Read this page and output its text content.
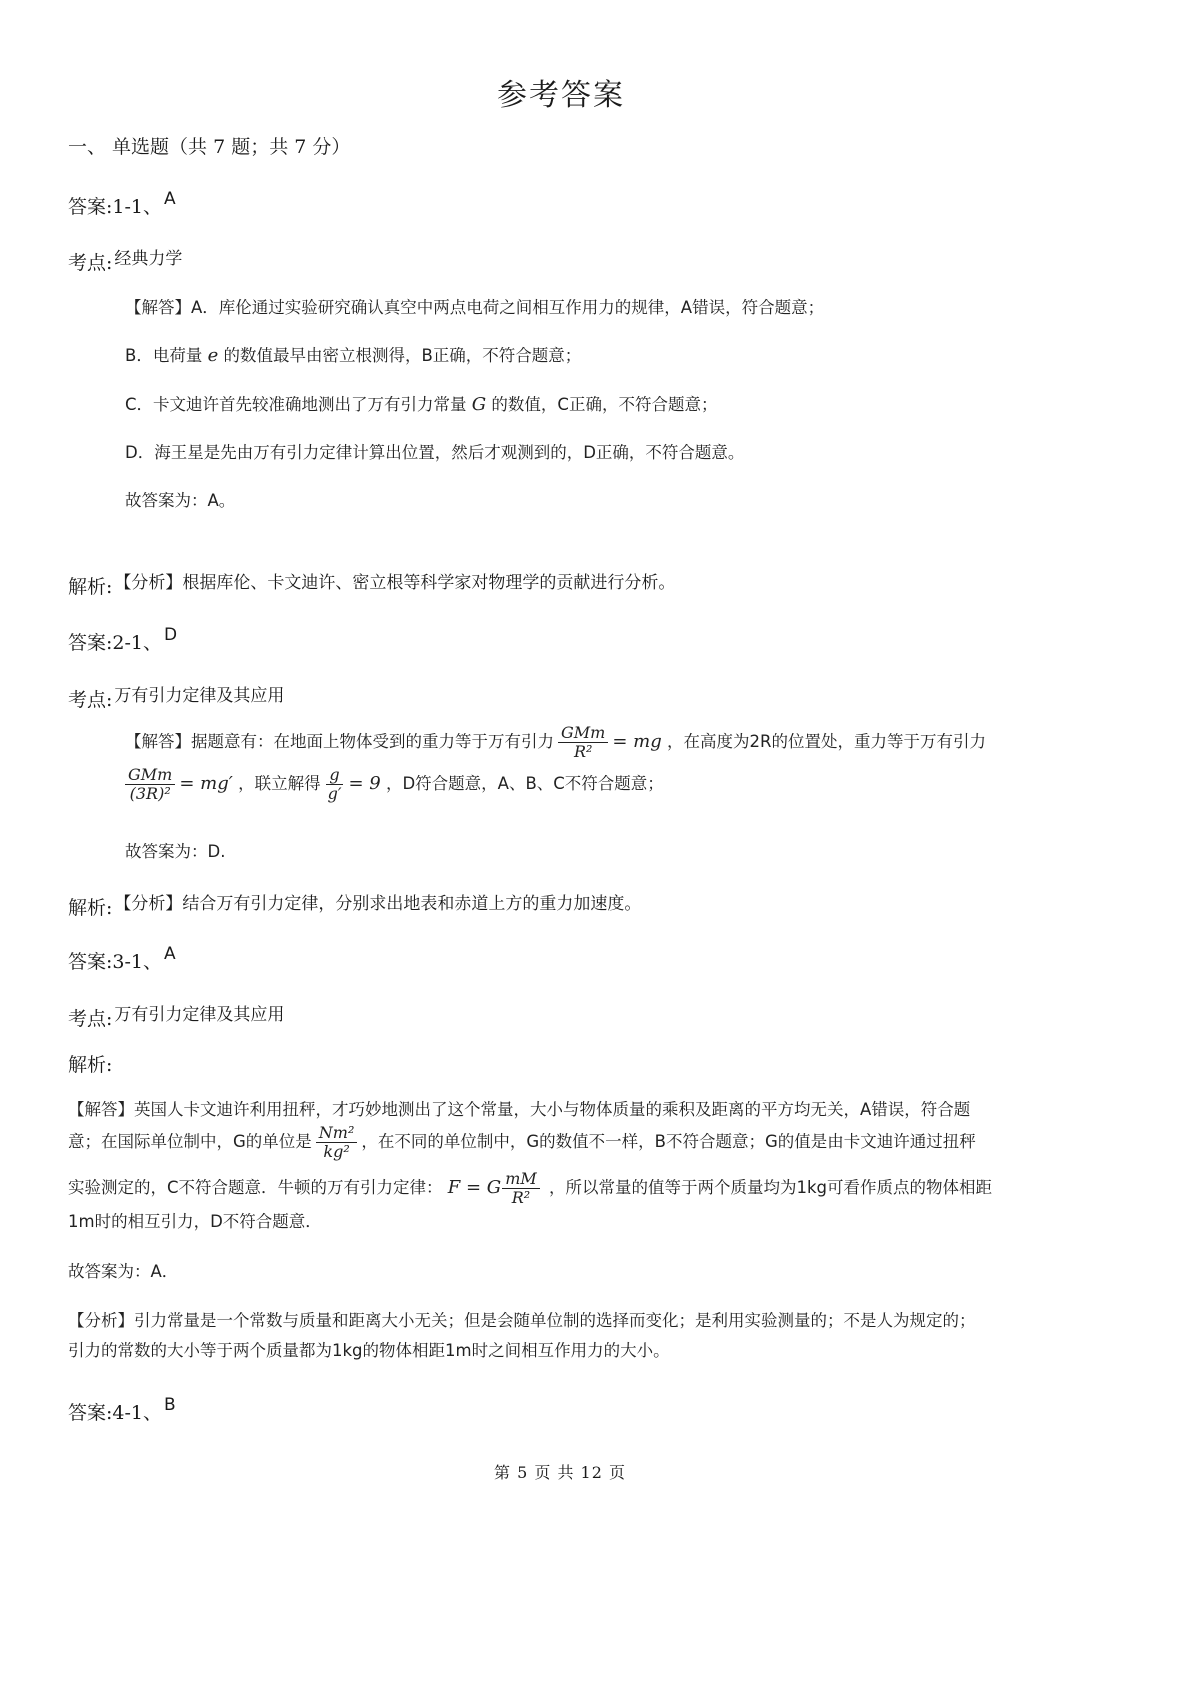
参考答案
一、 单选题（共 7 题；共 7 分）
答案: 1-1、 A
考点: 经典力学
【解答】A．库伦通过实验研究确认真空中两点电荷之间相互作用力的规律，A错误，符合题意；
B．电荷量 e 的数值最早由密立根测得，B正确，不符合题意；
C．卡文迪许首先较准确地测出了万有引力常量 G 的数值，C正确，不符合题意；
D．海王星是先由万有引力定律计算出位置，然后才观测到的，D正确，不符合题意。
故答案为：A。
解析: 【分析】根据库伦、卡文迪许、密立根等科学家对物理学的贡献进行分析。
答案: 2-1、 D
考点: 万有引力定律及其应用
【解答】据题意有：在地面上物体受到的重力等于万有引力 $\frac{\text{GMm}}{\text{R²}}$ = mg ，在高度为2R的位置处，重力等于万有引力
$\frac{\text{GMm}}{\text{(3R)²}} = mg'$ ，联立解得 $\frac{g}{g'} = 9$ ，D符合题意，A、B、C不符合题意；
故答案为：D.
解析: 【分析】结合万有引力定律，分别求出地表和赤道上方的重力加速度。
答案: 3-1、 A
考点: 万有引力定律及其应用
解析:
【解答】英国人卡文迪许利用扭秤，才巧妙地测出了这个常量，大小与物体质量的乘积及距离的平方均无关，A错误，符合题
意；在国际单位制中，G的单位是 $\frac{\text{Nm²}}{\text{kg²}}$ ，在不同的单位制中，G的数值不一样，B不符合题意；G的值是由卡文迪许通过扭秤
实验测定的，C不符合题意．牛顿的万有引力定律： F = G $\frac{mM}{\text{R²}}$ ，所以常量的值等于两个质量均为1kg可看作质点的物体相距
1m时的相互引力，D不符合题意．
故答案为：A．
【分析】引力常量是一个常数与质量和距离大小无关；但是会随单位制的选择而变化；是利用实验测量的；不是人为规定的；
引力的常数的大小等于两个质量都为1kg的物体相距1m时之间相互作用力的大小。
答案: 4-1、 B
第 5 页 共 12 页
